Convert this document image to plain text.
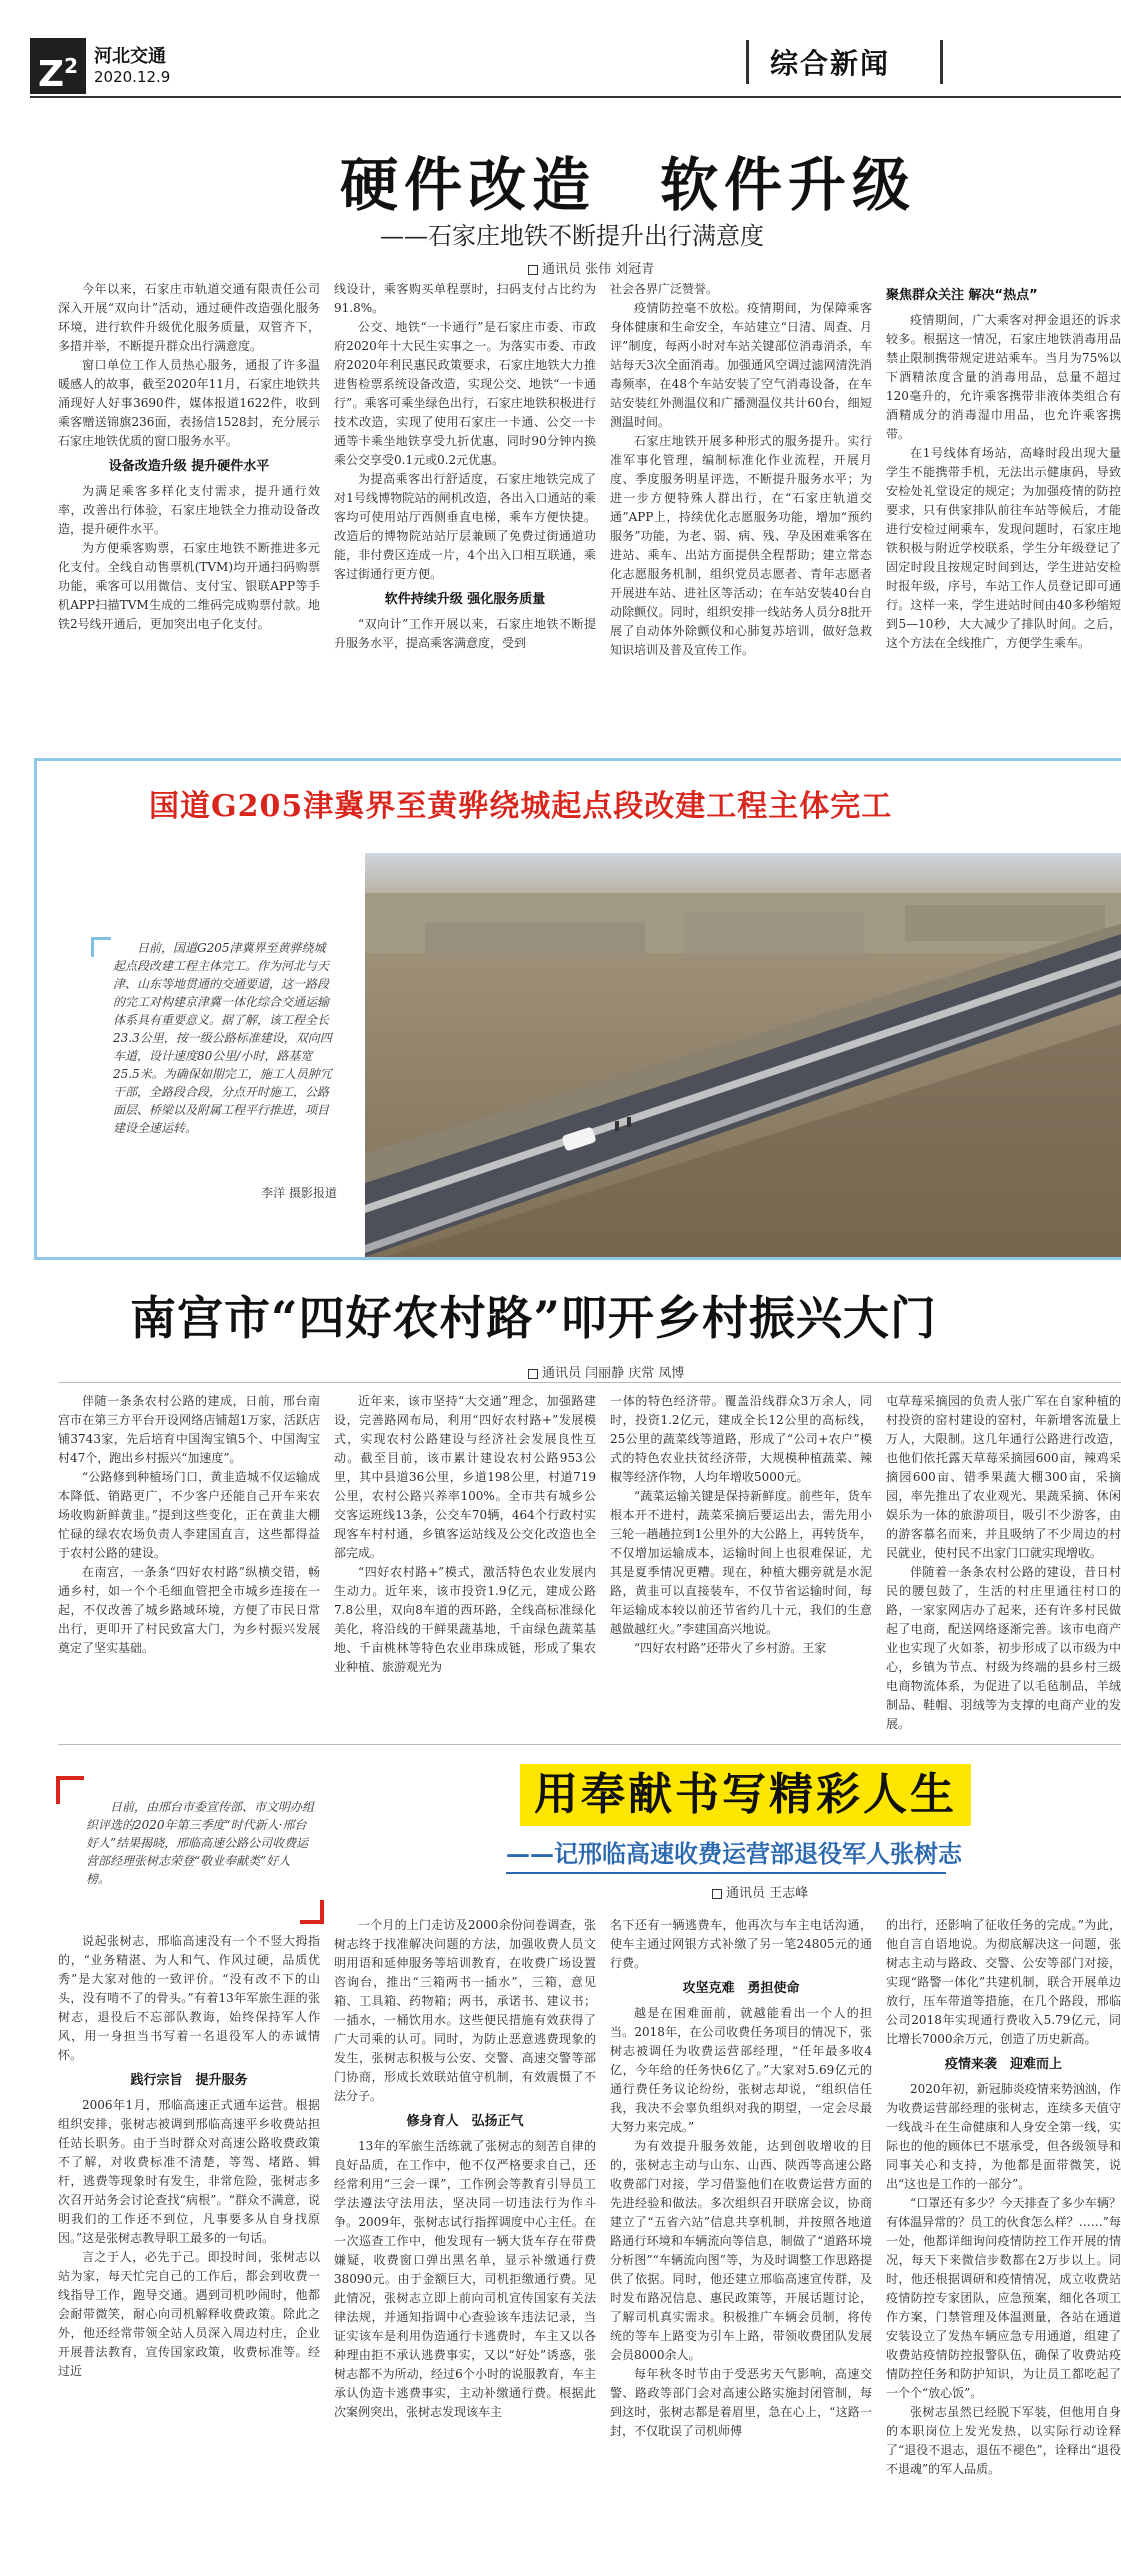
$Z^2$ 河北交通
2020.12.9	综合新闻
硬件改造　软件升级
——石家庄地铁不断提升出行满意度
通讯员 张伟 刘冠青

今年以来，石家庄市轨道交通有限责任公司深入开展“双向计”活动，通过硬件改造强化服务环境，进行软件升级优化服务质量，双管齐下，多措并举，不断提升群众出行满意度。

窗口单位工作人员热心服务，通报了许多温暖感人的故事，截至2020年11月，石家庄地铁共涌现好人好事3690件，媒体报道1622件，收到乘客赠送锦旗236面，表扬信1528封，充分展示石家庄地铁优质的窗口服务水平。

设备改造升级 提升硬件水平

为满足乘客多样化支付需求，提升通行效率，改善出行体验，石家庄地铁全力推动设备改造，提升硬件水平。

为方便乘客购票，石家庄地铁不断推进多元化支付。全线自动售票机(TVM)均开通扫码购票功能，乘客可以用微信、支付宝、银联APP等手机APP扫描TVM生成的二维码完成购票付款。地铁2号线开通后，更加突出电子化支付。

线设计，乘客购买单程票时，扫码支付占比约为91.8%。

公交、地铁“一卡通行”是石家庄市委、市政府2020年十大民生实事之一。为落实市委、市政府2020年利民惠民政策要求，石家庄地铁大力推进售检票系统设备改造，实现公交、地铁“一卡通行”。乘客可乘坐绿色出行，石家庄地铁积极进行技术改造，实现了使用石家庄一卡通、公交一卡通等卡乘坐地铁享受九折优惠，同时90分钟内换乘公交享受0.1元或0.2元优惠。

为提高乘客出行舒适度，石家庄地铁完成了对1号线博物院站的闸机改造，各出入口通站的乘客均可使用站厅西侧垂直电梯，乘车方便快捷。改造后的博物院站站厅层兼顾了免费过街通道功能，非付费区连成一片，4个出入口相互联通，乘客过街通行更方便。

软件持续升级 强化服务质量

“双向计”工作开展以来，石家庄地铁不断提升服务水平，提高乘客满意度，受到

社会各界广泛赞誉。

疫情防控毫不放松。疫情期间，为保障乘客身体健康和生命安全，车站建立“日清、周查、月评”制度，每两小时对车站关键部位消毒消杀，车站每天3次全面消毒。加强通风空调过滤网清洗消毒频率，在48个车站安装了空气消毒设备，在车站安装红外测温仪和广播测温仪共计60台，细短测温时间。

石家庄地铁开展多种形式的服务提升。实行准军事化管理，编制标准化作业流程，开展月度、季度服务明星评选，不断提升服务水平；为进一步方便特殊人群出行，在“石家庄轨道交通”APP上，持续优化志愿服务功能，增加“预约服务”功能，为老、弱、病、残、孕及困难乘客在进站、乘车、出站方面提供全程帮助；建立常态化志愿服务机制，组织党员志愿者、青年志愿者开展进车站、进社区等活动；在车站安装40台自动除颤仪。同时，组织安排一线站务人员分8批开展了自动体外除颤仪和心肺复苏培训，做好急救知识培训及普及宣传工作。

聚焦群众关注 解决“热点”

疫情期间，广大乘客对押金退还的诉求较多。根据这一情况，石家庄地铁消毒用品禁止限制携带规定进站乘车。当月为75%以下酒精浓度含量的消毒用品，总量不超过120毫升的，允许乘客携带非液体类组合有酒精成分的消毒湿巾用品，也允许乘客携带。

在1号线体育场站，高峰时段出现大量学生不能携带手机，无法出示健康码，导致安检处礼堂设定的规定；为加强疫情的防控要求，只有供家排队前往车站等候后，才能进行安检过闸乘车，发现问题时，石家庄地铁积极与附近学校联系，学生分年级登记了固定时段且按规定时间到达，学生进站安检时报年级，序号，车站工作人员登记即可通行。这样一来，学生进站时间由40多秒缩短到5—10秒，大大减少了排队时间。之后，这个方法在全线推广，方便学生乘车。

国道G205津冀界至黄骅绕城起点段改建工程主体完工
日前，国道G205津冀界至黄骅绕城起点段改建工程主体完工。作为河北与天津、山东等地贯通的交通要道，这一路段的完工对构建京津冀一体化综合交通运输体系具有重要意义。据了解，该工程全长23.3公里，按一级公路标准建设，双向四车道，设计速度80公里/小时，路基宽25.5米。为确保如期完工，施工人员肿冗干部，全路段合段，分点开时施工，公路面层、桥梁以及附属工程平行推进，项目建设全速运转。
李洋 摄影报道
南宫市“四好农村路”叩开乡村振兴大门
通讯员 闫丽静 庆常 凤博

伴随一条条农村公路的建成，日前，邢台南宫市在第三方平台开设网络店铺超1万家，活跃店铺3743家，先后培育中国淘宝镇5个、中国淘宝村47个，跑出乡村振兴“加速度”。

“公路修到种植场门口，黄韭造城不仅运输成本降低、销路更广，不少客户还能自己开车来农场收购新鲜黄韭。”提到这些变化，正在黄韭大棚忙碌的绿农农场负责人李建国直言，这些都得益于农村公路的建设。

在南宫，一条条“四好农村路”纵横交错，畅通乡村，如一个个毛细血管把全市城乡连接在一起，不仅改善了城乡路域环境，方便了市民日常出行，更叩开了村民致富大门，为乡村振兴发展奠定了坚实基础。

近年来，该市坚持“大交通”理念，加强路建设，完善路网布局，利用“四好农村路+”发展模式，实现农村公路建设与经济社会发展良性互动。截至目前，该市累计建设农村公路953公里，其中县道36公里，乡道198公里，村道719公里，农村公路兴养率100%。全市共有城乡公交客运班线13条，公交车70辆，464个行政村实现客车村村通，乡镇客运站线及公交化改造也全部完成。

“四好农村路+”模式，激活特色农业发展内生动力。近年来，该市投资1.9亿元，建成公路7.8公里，双向8车道的西环路，全线高标准绿化美化，将沿线的干鲜果蔬基地，千亩绿色蔬菜基地、千亩桃林等特色农业串珠成链，形成了集农业种植、旅游观光为

一体的特色经济带。覆盖沿线群众3万余人，同时，投资1.2亿元，建成全长12公里的高标线，25公里的蔬菜线等道路，形成了“公司+农户”模式的特色农业扶贫经济带，大规模种植蔬菜、辣椒等经济作物，人均年增收5000元。

“蔬菜运输关键是保持新鲜度。前些年，货车根本开不进村，蔬菜采摘后要运出去，需先用小三轮一趟趟拉到1公里外的大公路上，再转货车，不仅增加运输成本，运输时间上也很难保证，尤其是夏季情况更糟。现在，种植大棚旁就是水泥路，黄韭可以直接装车，不仅节省运输时间，每年运输成本较以前还节省约几十元，我们的生意越做越红火。”李建国高兴地说。

“四好农村路”还带火了乡村游。王家

屯草莓采摘园的负责人张广军在自家种植的村投资的窑村建设的窑村，年新增客流量上万人，大限制。这几年通行公路进行改造，也他们依托露天草莓采摘园600亩，辣鸡采摘园600亩、错季果蔬大棚300亩，采摘园，率先推出了农业观光、果蔬采摘、休闲娱乐为一体的旅游项目，吸引不少游客，由的游客慕名而来，并且吸纳了不少周边的村民就业，使村民不出家门口就实现增收。

伴随着一条条农村公路的建设，昔日村民的腰包鼓了，生活的村庄里通往村口的路，一家家网店办了起来，还有许多村民做起了电商，配送网络逐渐完善。该市电商产业也实现了火如茶，初步形成了以市级为中心，乡镇为节点、村级为终端的县乡村三级电商物流体系，为促进了以毛毡制品，羊绒制品、鞋帽、羽绒等为支撑的电商产业的发展。

日前，由邢台市委宣传部、市文明办组织评选的2020年第三季度“时代新人·邢台好人”结果揭晓，邢临高速公路公司收费运营部经理张树志荣登“敬业奉献类”好人榜。
用奉献书写精彩人生
——记邢临高速收费运营部退役军人张树志
通讯员 王志峰

说起张树志，邢临高速没有一个不竖大拇指的，“业务精湛、为人和气、作风过硬，品质优秀”是大家对他的一致评价。“没有改不下的山头，没有啃不了的骨头。”有着13年军旅生涯的张树志，退役后不忘部队教诲，始终保持军人作风，用一身担当书写着一名退役军人的赤诚情怀。

践行宗旨　提升服务

2006年1月，邢临高速正式通车运营。根据组织安排，张树志被调到邢临高速平乡收费站担任站长职务。由于当时群众对高速公路收费政策不了解，对收费标准不清楚，等驾、堵路、辑杆，逃费等现象时有发生，非常危险，张树志多次召开站务会讨论查找“病根”。“群众不满意，说明我们的工作还不到位，凡事要多从自身找原因。”这是张树志教导职工最多的一句话。

言之于人，必先于己。即投时间，张树志以站为家，每天忙完自己的工作后，都会到收费一线指导工作，跑导交通。遇到司机吵闹时，他都会耐带微笑，耐心向司机解释收费政策。除此之外，他还经常带领全站人员深入周边村庄，企业开展普法教育，宣传国家政策，收费标准等。经过近

一个月的上门走访及2000余份问卷调查，张树志终于找准解决问题的方法，加强收费人员文明用语和延伸服务等培训教育，在收费广场设置咨询台，推出“三箱两书一插水”，三箱，意见箱、工具箱、药物箱；两书，承诺书、建议书；一插水，一桶饮用水。这些便民措施有效获得了广大司乘的认可。同时，为防止恶意逃费现象的发生，张树志积极与公安、交警、高速交警等部门协商，形成长效联站值守机制，有效震慑了不法分子。

修身育人　弘扬正气

13年的军旅生活练就了张树志的刻苦自律的良好品质，在工作中，他不仅严格要求自己，还经常利用“三会一课”，工作例会等教育引导员工学法遵法守法用法，坚决同一切违法行为作斗争。2009年，张树志试行指挥调度中心主任。在一次巡查工作中，他发现有一辆大货车存在带费嫌疑，收费窗口弹出黑名单，显示补缴通行费38090元。由于金额巨大，司机拒缴通行费。见此情况，张树志立即上前向司机宣传国家有关法律法规，并通知指调中心查验该车违法记录，当证实该车是利用伪造通行卡逃费时，车主又以各种理由拒不承认逃费事实，又以“好处”诱惑，张树志都不为所动，经过6个小时的说服教育，车主承认伪造卡逃费事实，主动补缴通行费。根据此次案例突出，张树志发现该车主

名下还有一辆逃费车，他再次与车主电话沟通，使车主通过网银方式补缴了另一笔24805元的通行费。

攻坚克难　勇担使命

越是在困难面前，就越能看出一个人的担当。2018年，在公司收费任务项目的情况下，张树志被调任为收费运营部经理，“任年最多收4亿，今年给的任务快6亿了。”大家对5.69亿元的通行费任务议论纷纷，张树志却说，“组织信任我，我决不会辜负组织对我的期望，一定会尽最大努力来完成。”

为有效提升服务效能，达到创收增收的目的，张树志主动与山东、山西、陕西等高速公路收费部门对接，学习借鉴他们在收费运营方面的先进经验和做法。多次组织召开联席会议，协商建立了“五省六站”信息共享机制，并按照各地道路通行环境和车辆流向等信息，制做了“道路环境分析图”“车辆流向图”等，为及时调整工作思路提供了依据。同时，他还建立邢临高速宣传群，及时发布路况信息、惠民政策等，开展话题讨论，了解司机真实需求。积极推广车辆会员制，将传统的等车上路变为引车上路，带领收费团队发展会员8000余人。

每年秋冬时节由于受恶劣天气影响，高速交警、路政等部门会对高速公路实施封闭管制，每到这时，张树志都是着眉里，急在心上，“这路一封，不仅耽误了司机师傅

的出行，还影响了征收任务的完成。”为此，他自言自语地说。为彻底解决这一问题，张树志主动与路政、交警、公安等部门对接，实现“路警一体化”共建机制，联合开展单边放行，压车带道等措施，在几个路段，邢临公司2018年实现通行费收入5.79亿元，同比增长7000余万元，创造了历史新高。

疫情来袭　迎难而上

2020年初，新冠肺炎疫情来势汹汹，作为收费运营部经理的张树志，连续多天值守一线战斗在生命健康和人身安全第一线，实际也的他的顾体已不堪承受，但各级领导和同事关心和支持，为他都是面带微笑，说出“这也是工作的一部分”。

“口罩还有多少？今天排查了多少车辆？有体温异常的？员工的伙食怎么样？……”每一处，他都详细询问疫情防控工作开展的情况，每天下来微信步数都在2万步以上。同时，他还根据调研和疫情情况，成立收费站疫情防控专家团队，应急预案，细化各项工作方案，门禁管理及体温测量，各站在通道安装设立了发热车辆应急专用通道，组建了收费站疫情防控报警队伍，确保了收费站疫情防控任务和防护知识，为让员工都吃起了一个个“放心饭”。

张树志虽然已经脱下军装，但他用自身的本职岗位上发光发热，以实际行动诠释了“退役不退志，退伍不褪色”，诠释出“退役不退魂”的军人品质。
